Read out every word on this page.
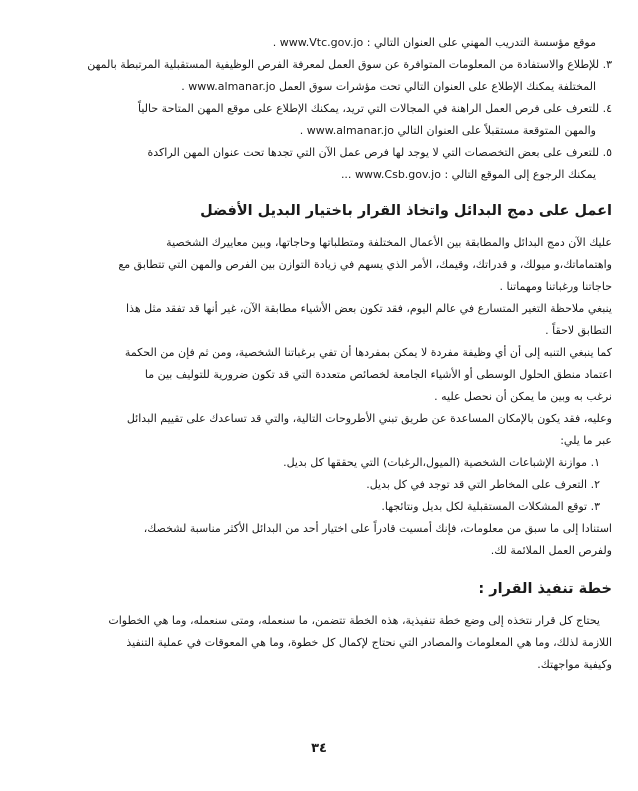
موقع مؤسسة التدريب المهني على العنوان التالي : www.Vtc.gov.jo .
٣. للإطلاع والاستفادة من المعلومات المتوافرة عن سوق العمل لمعرفة الفرص الوظيفية المستقبلية المرتبطة بالمهن
المختلفة يمكنك الإطلاع على العنوان التالي تحت مؤشرات سوق العمل www.almanar.jo .
٤. للتعرف على فرص العمل الراهنة في المجالات التي تريد، يمكنك الإطلاع على موقع المهن المتاحة حالياً
والمهن المتوقعة مستقبلاً على العنوان التالي www.almanar.jo .
٥. للتعرف على بعض التخصصات التي لا يوجد لها فرص عمل الآن التي تجدها تحت عنوان المهن الراكدة
يمكنك الرجوع إلى الموقع التالي : www.Csb.gov.jo ...
اعمل على دمج البدائل واتخاذ القرار باختيار البديل الأفضل
عليك الآن دمج البدائل والمطابقة بين الأعمال المختلفة ومتطلباتها وحاجاتها، وبين معاييرك الشخصية
واهتماماتك،و ميولك، و قدراتك، وقيمك، الأمر الذي يسهم في زيادة التوازن بين الفرص والمهن التي تتطابق مع
حاجاتنا ورغباتنا ومهماتنا .
ينبغي ملاحظة التغير المتسارع في عالم اليوم، فقد تكون بعض الأشياء مطابقة الآن، غير أنها قد تفقد مثل هذا
التطابق لاحقاً .
كما ينبغي التنبه إلى أن أي وظيفة مفردة لا يمكن بمفردها أن تفي برغباتنا الشخصية، ومن ثم فإن من الحكمة
اعتماد منطق الحلول الوسطى أو الأشياء الجامعة لخصائص متعددة التي قد تكون ضرورية للتوليف بين ما
نرغب به وبين ما يمكن أن نحصل عليه .
وعليه، فقد يكون بالإمكان المساعدة عن طريق تبني الأطروحات التالية، والتي قد تساعدك على تقييم البدائل
عبر ما يلي:
١. موازنة الإشباعات الشخصية (الميول،الرغبات) التي يحققها كل بديل.
٢. التعرف على المخاطر التي قد توجد في كل بديل.
٣. توقع المشكلات المستقبلية لكل بديل ونتائجها.
استنادا إلى ما سبق من معلومات، فإنك أمسيت قادراً على اختيار أحد من البدائل الأكثر مناسبة لشخصك،
ولفرص العمل الملائمة لك.
خطة تنفيذ القرار :
يحتاج كل قرار نتخذه إلى وضع خطة تنفيذية، هذه الخطة تتضمن، ما سنعمله، ومتى سنعمله، وما هي الخطوات
اللازمة لذلك، وما هي المعلومات والمصادر التي نحتاج لإكمال كل خطوة، وما هي المعوقات في عملية التنفيذ
وكيفية مواجهتك.
٣٤
